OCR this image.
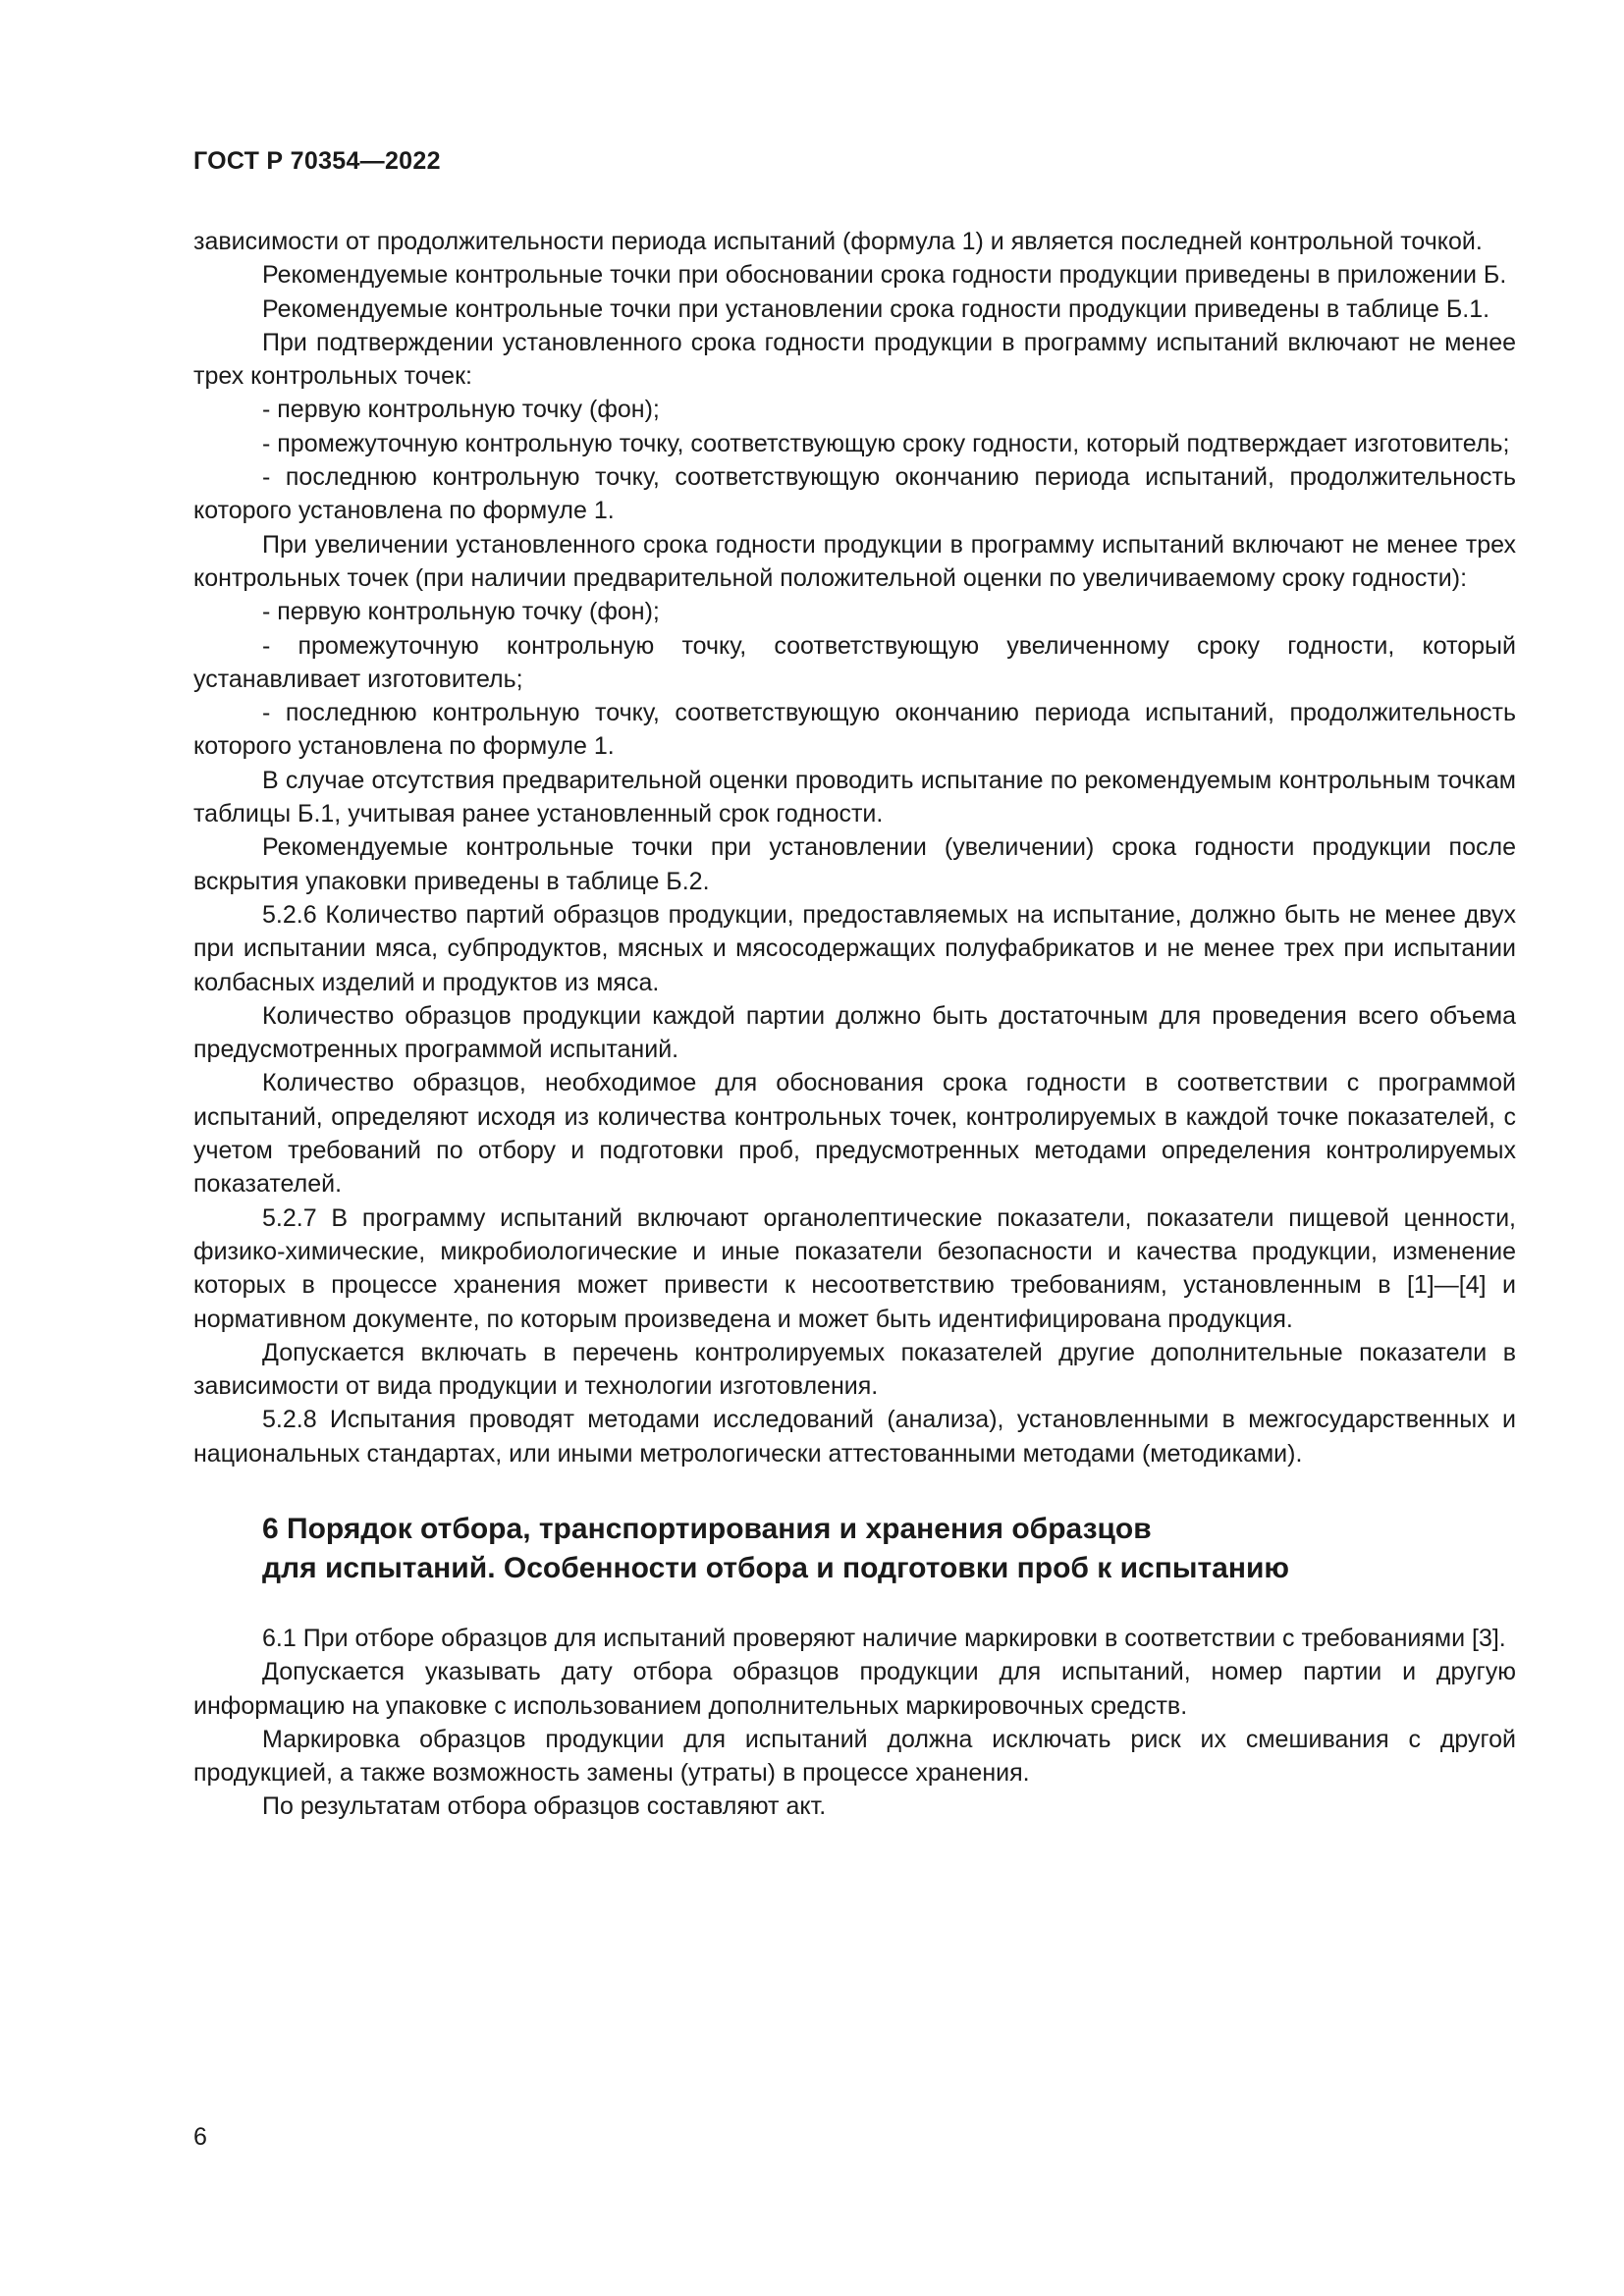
ГОСТ Р 70354—2022

зависимости от продолжительности периода испытаний (формула 1) и является последней контрольной точкой.

Рекомендуемые контрольные точки при обосновании срока годности продукции приведены в приложении Б.

Рекомендуемые контрольные точки при установлении срока годности продукции приведены в таблице Б.1.

При подтверждении установленного срока годности продукции в программу испытаний включают не менее трех контрольных точек:

- первую контрольную точку (фон);

- промежуточную контрольную точку, соответствующую сроку годности, который подтверждает изготовитель;

- последнюю контрольную точку, соответствующую окончанию периода испытаний, продолжительность которого установлена по формуле 1.

При увеличении установленного срока годности продукции в программу испытаний включают не менее трех контрольных точек (при наличии предварительной положительной оценки по увеличиваемому сроку годности):

- первую контрольную точку (фон);

- промежуточную контрольную точку, соответствующую увеличенному сроку годности, который устанавливает изготовитель;

- последнюю контрольную точку, соответствующую окончанию периода испытаний, продолжительность которого установлена по формуле 1.

В случае отсутствия предварительной оценки проводить испытание по рекомендуемым контрольным точкам таблицы Б.1, учитывая ранее установленный срок годности.

Рекомендуемые контрольные точки при установлении (увеличении) срока годности продукции после вскрытия упаковки приведены в таблице Б.2.

5.2.6 Количество партий образцов продукции, предоставляемых на испытание, должно быть не менее двух при испытании мяса, субпродуктов, мясных и мясосодержащих полуфабрикатов и не менее трех при испытании колбасных изделий и продуктов из мяса.

Количество образцов продукции каждой партии должно быть достаточным для проведения всего объема предусмотренных программой испытаний.

Количество образцов, необходимое для обоснования срока годности в соответствии с программой испытаний, определяют исходя из количества контрольных точек, контролируемых в каждой точке показателей, с учетом требований по отбору и подготовки проб, предусмотренных методами определения контролируемых показателей.

5.2.7 В программу испытаний включают органолептические показатели, показатели пищевой ценности, физико-химические, микробиологические и иные показатели безопасности и качества продукции, изменение которых в процессе хранения может привести к несоответствию требованиям, установленным в [1]—[4] и нормативном документе, по которым произведена и может быть идентифицирована продукция.

Допускается включать в перечень контролируемых показателей другие дополнительные показатели в зависимости от вида продукции и технологии изготовления.

5.2.8 Испытания проводят методами исследований (анализа), установленными в межгосударственных и национальных стандартах, или иными метрологически аттестованными методами (методиками).

6 Порядок отбора, транспортирования и хранения образцов
для испытаний. Особенности отбора и подготовки проб к испытанию

6.1 При отборе образцов для испытаний проверяют наличие маркировки в соответствии с требованиями [3].

Допускается указывать дату отбора образцов продукции для испытаний, номер партии и другую информацию на упаковке с использованием дополнительных маркировочных средств.

Маркировка образцов продукции для испытаний должна исключать риск их смешивания с другой продукцией, а также возможность замены (утраты) в процессе хранения.

По результатам отбора образцов составляют акт.

6
